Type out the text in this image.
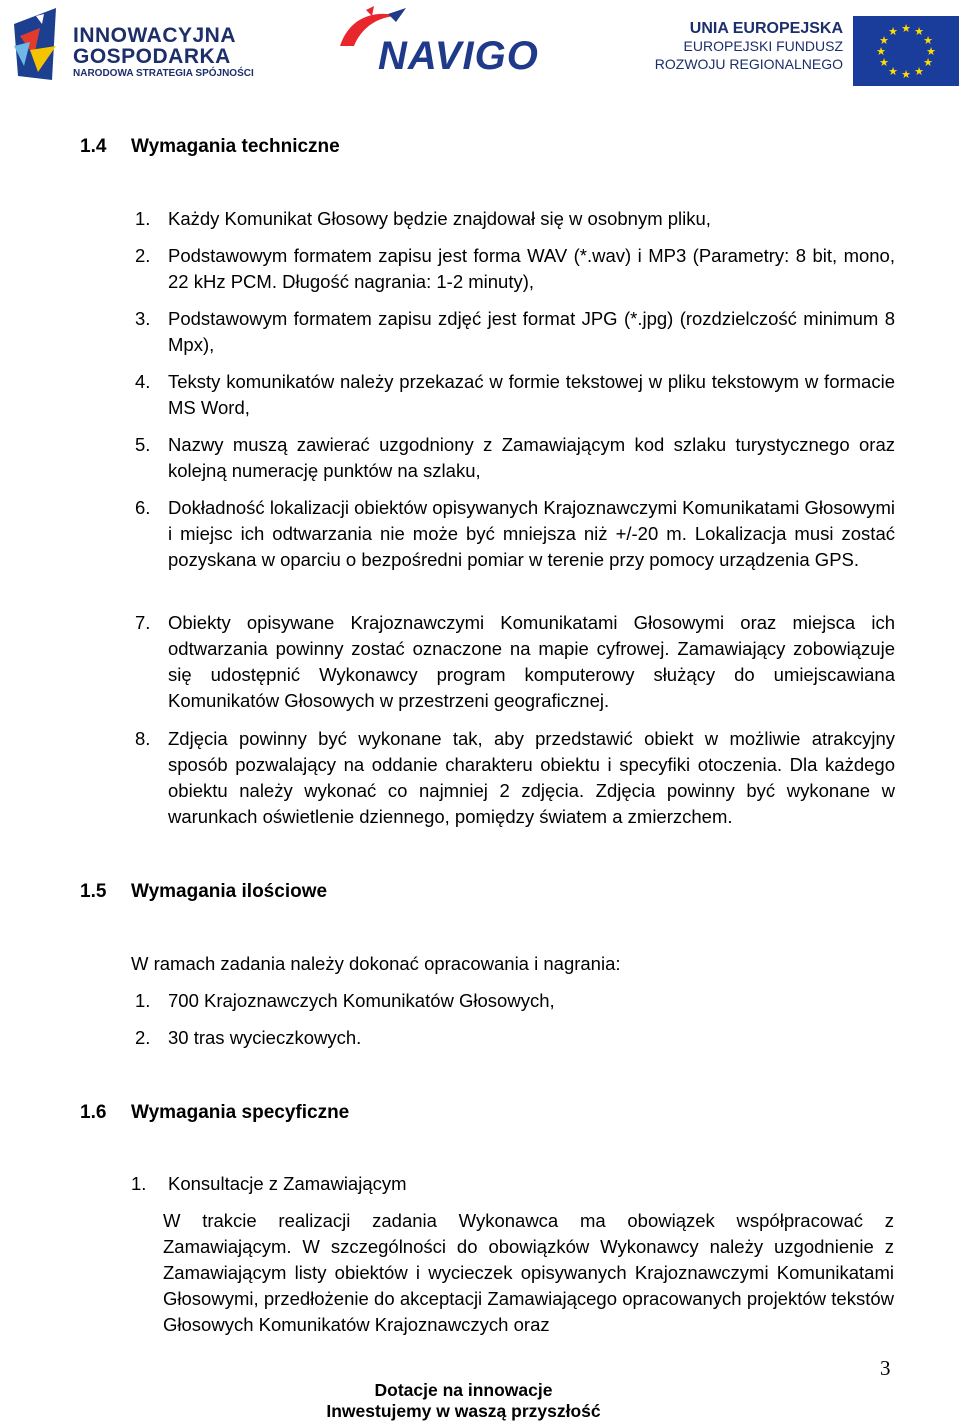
INNOWACYJNA
GOSPODARKA
NARODOWA STRATEGIA SPÓJNOŚCI	NAVIGO
UNIA EUROPEJSKA
EUROPEJSKI FUNDUSZ
ROZWOJU REGIONALNEGO
★ ★
★
★
★
★
★
★
★
★
★
★
1.4 Wymagania techniczne
1. Każdy Komunikat Głosowy będzie znajdował się w osobnym pliku,
2. Podstawowym formatem zapisu jest forma WAV (*.wav) i MP3 (Parametry: 8 bit, mono, 22 kHz PCM. Długość nagrania: 1-2 minuty),
3. Podstawowym formatem zapisu zdjęć jest format JPG (*.jpg) (rozdzielczość minimum 8 Mpx),
4. Teksty komunikatów należy przekazać w formie tekstowej w pliku tekstowym w formacie MS Word,
5. Nazwy muszą zawierać uzgodniony z Zamawiającym kod szlaku turystycznego oraz kolejną numerację punktów na szlaku,
6. Dokładność lokalizacji obiektów opisywanych Krajoznawczymi Komunikatami Głosowymi i miejsc ich odtwarzania nie może być mniejsza niż +/-20 m. Lokalizacja musi zostać pozyskana w oparciu o bezpośredni pomiar w terenie przy pomocy urządzenia GPS.
7. Obiekty opisywane Krajoznawczymi Komunikatami Głosowymi oraz miejsca ich odtwarzania powinny zostać oznaczone na mapie cyfrowej. Zamawiający zobowiązuje się udostępnić Wykonawcy program komputerowy służący do umiejscawiana Komunikatów Głosowych w przestrzeni geograficznej.
8. Zdjęcia powinny być wykonane tak, aby przedstawić obiekt w możliwie atrakcyjny sposób pozwalający na oddanie charakteru obiektu i specyfiki otoczenia. Dla każdego obiektu należy wykonać co najmniej 2 zdjęcia. Zdjęcia powinny być wykonane w warunkach oświetlenie dziennego, pomiędzy światem a zmierzchem.
1.5 Wymagania ilościowe
W ramach zadania należy dokonać opracowania i nagrania:
1. 700 Krajoznawczych Komunikatów Głosowych,
2. 30 tras wycieczkowych.
1.6 Wymagania specyficzne
1. Konsultacje z Zamawiającym
W trakcie realizacji zadania Wykonawca ma obowiązek współpracować z Zamawiającym. W szczególności do obowiązków Wykonawcy należy uzgodnienie z Zamawiającym listy obiektów i wycieczek opisywanych Krajoznawczymi Komunikatami Głosowymi, przedłożenie do akceptacji Zamawiającego opracowanych projektów tekstów Głosowych Komunikatów Krajoznawczych oraz
3
Dotacje na innowacje
Inwestujemy w waszą przyszłość
